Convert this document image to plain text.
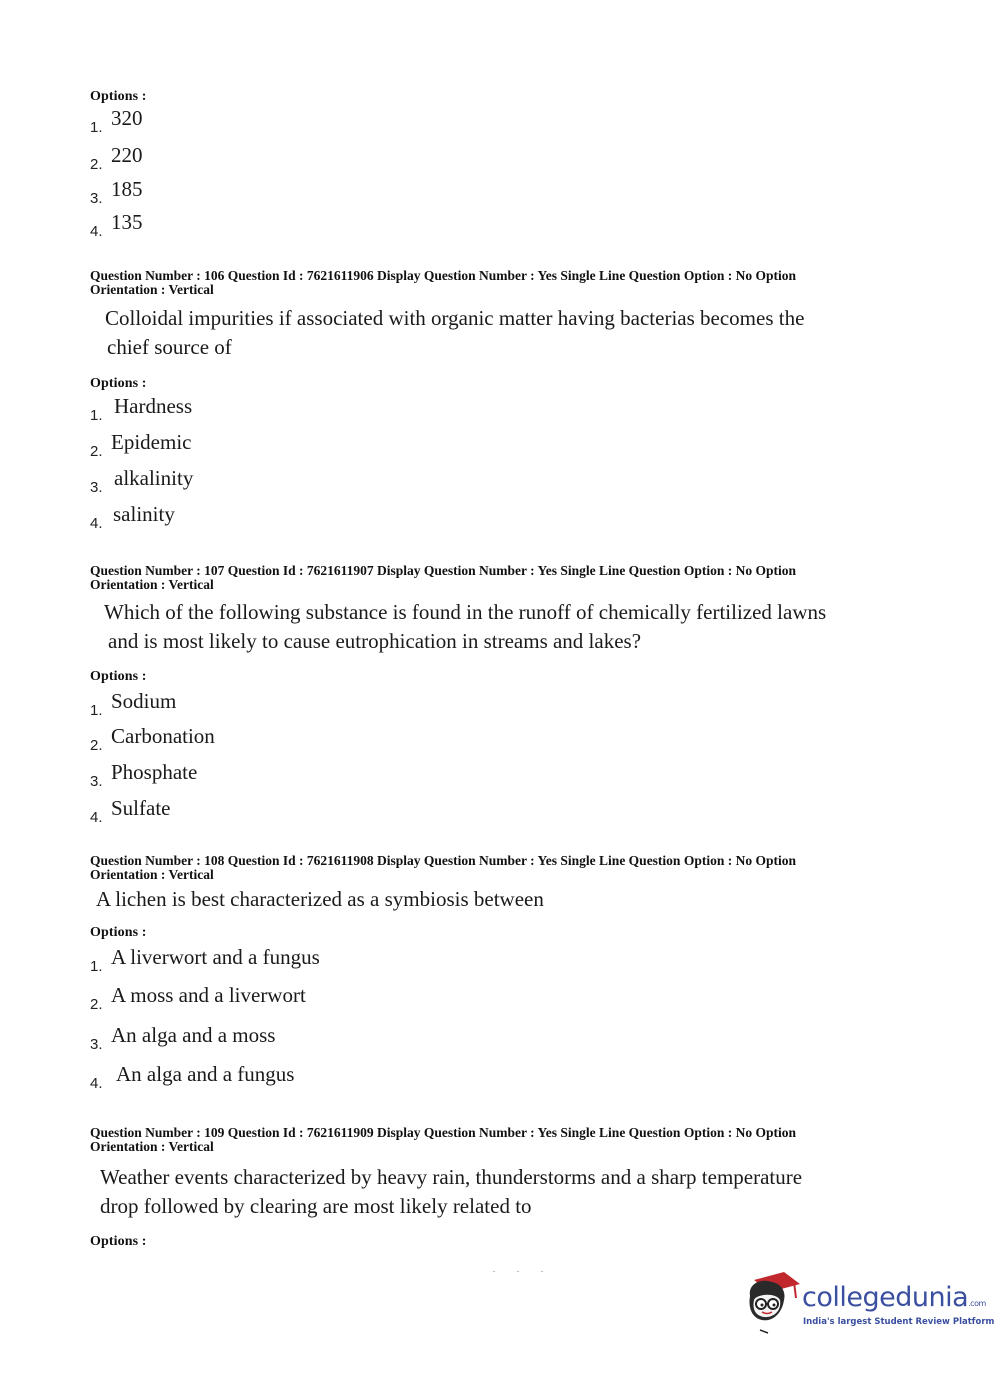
Options :
1. 320
2. 220
3. 185
4. 135
Question Number : 106 Question Id : 7621611906 Display Question Number : Yes Single Line Question Option : No Option
Orientation : Vertical
Colloidal impurities if associated with organic matter having bacterias becomes the
chief source of
Options :
1. Hardness
2. Epidemic
3. alkalinity
4. salinity
Question Number : 107 Question Id : 7621611907 Display Question Number : Yes Single Line Question Option : No Option
Orientation : Vertical
Which of the following substance is found in the runoff of chemically fertilized lawns
and is most likely to cause eutrophication in streams and lakes?
Options :
1. Sodium
2. Carbonation
3. Phosphate
4. Sulfate
Question Number : 108 Question Id : 7621611908 Display Question Number : Yes Single Line Question Option : No Option
Orientation : Vertical
A lichen is best characterized as a symbiosis between
Options :
1. A liverwort and a fungus
2. A moss and a liverwort
3. An alga and a moss
4. An alga and a fungus
Question Number : 109 Question Id : 7621611909 Display Question Number : Yes Single Line Question Option : No Option
Orientation : Vertical
Weather events characterized by heavy rain, thunderstorms and a sharp temperature
drop followed by clearing are most likely related to
Options :
. . .
collegedunia.com
India's largest Student Review Platform
